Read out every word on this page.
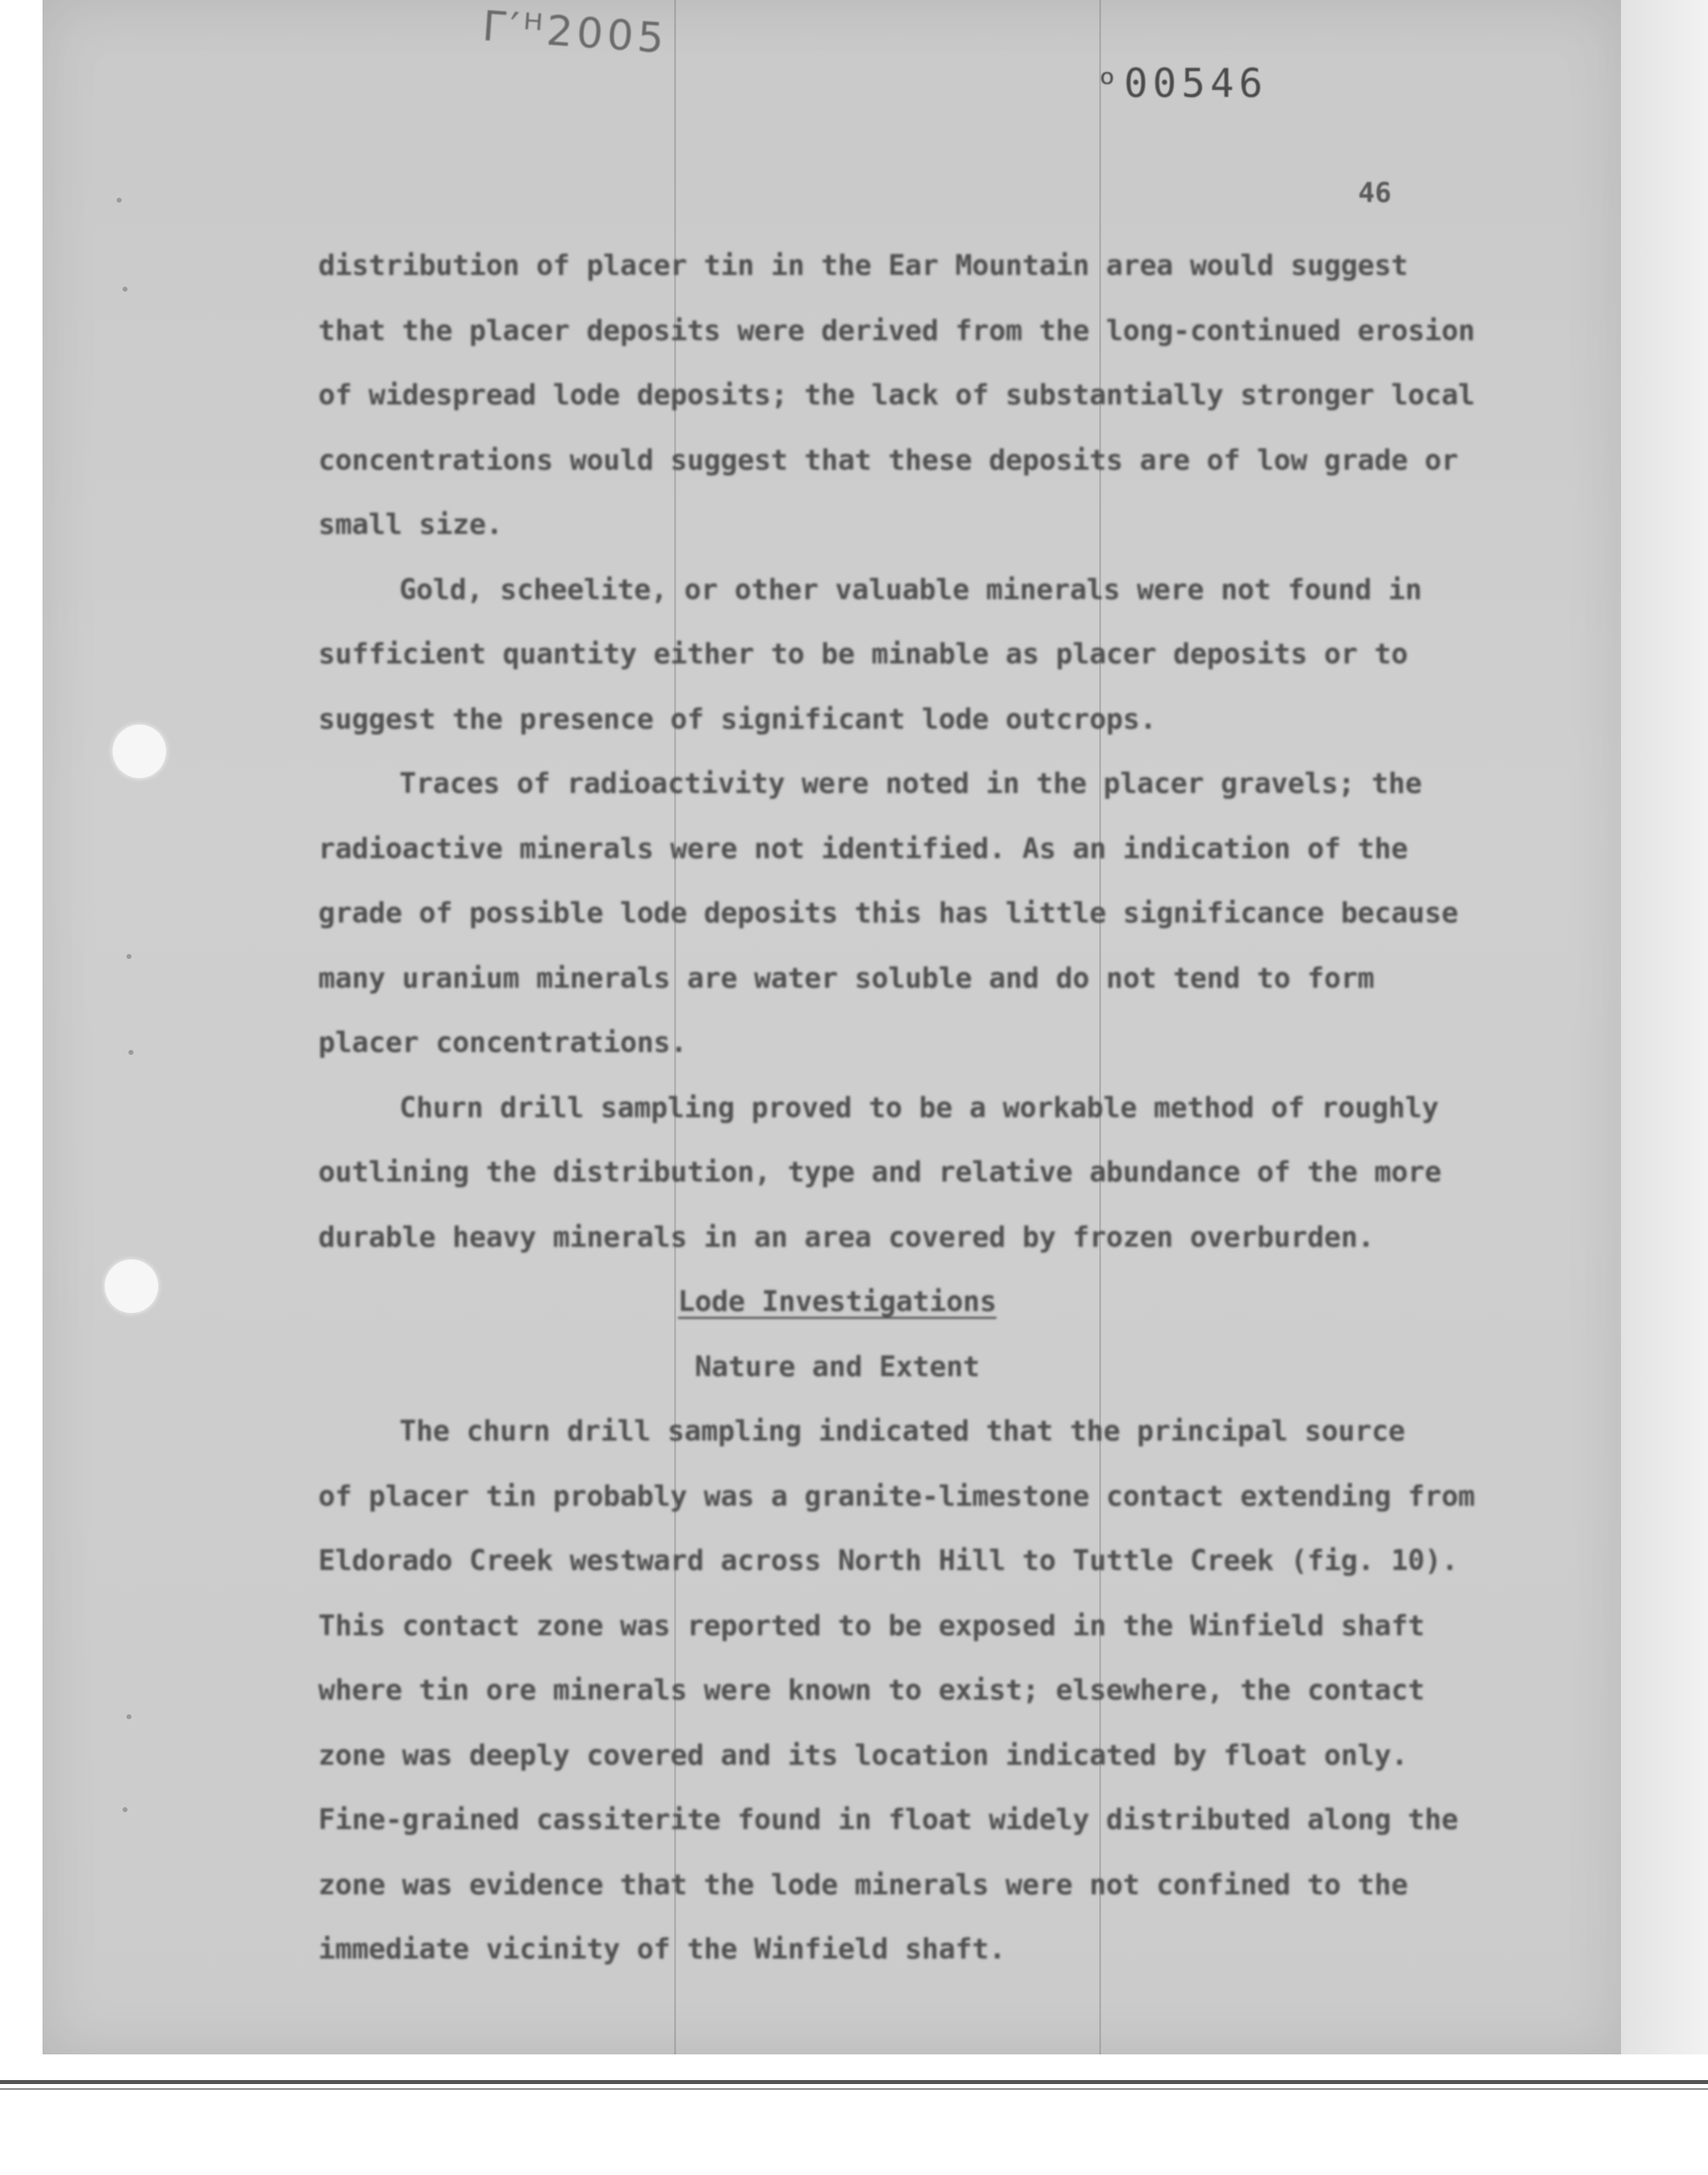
Γ′ᴴ2005
ᵒ00546
46
distribution of placer tin in the Ear Mountain area would suggest
that the placer deposits were derived from the long-continued erosion
of widespread lode deposits; the lack of substantially stronger local
concentrations would suggest that these deposits are of low grade or
small size.
Gold, scheelite, or other valuable minerals were not found in
sufficient quantity either to be minable as placer deposits or to
suggest the presence of significant lode outcrops.
Traces of radioactivity were noted in the placer gravels; the
radioactive minerals were not identified. As an indication of the
grade of possible lode deposits this has little significance because
many uranium minerals are water soluble and do not tend to form
placer concentrations.
Churn drill sampling proved to be a workable method of roughly
outlining the distribution, type and relative abundance of the more
durable heavy minerals in an area covered by frozen overburden.
Lode Investigations
Nature and Extent
The churn drill sampling indicated that the principal source
of placer tin probably was a granite-limestone contact extending from
Eldorado Creek westward across North Hill to Tuttle Creek (fig. 10).
This contact zone was reported to be exposed in the Winfield shaft
where tin ore minerals were known to exist; elsewhere, the contact
zone was deeply covered and its location indicated by float only.
Fine-grained cassiterite found in float widely distributed along the
zone was evidence that the lode minerals were not confined to the
immediate vicinity of the Winfield shaft.
